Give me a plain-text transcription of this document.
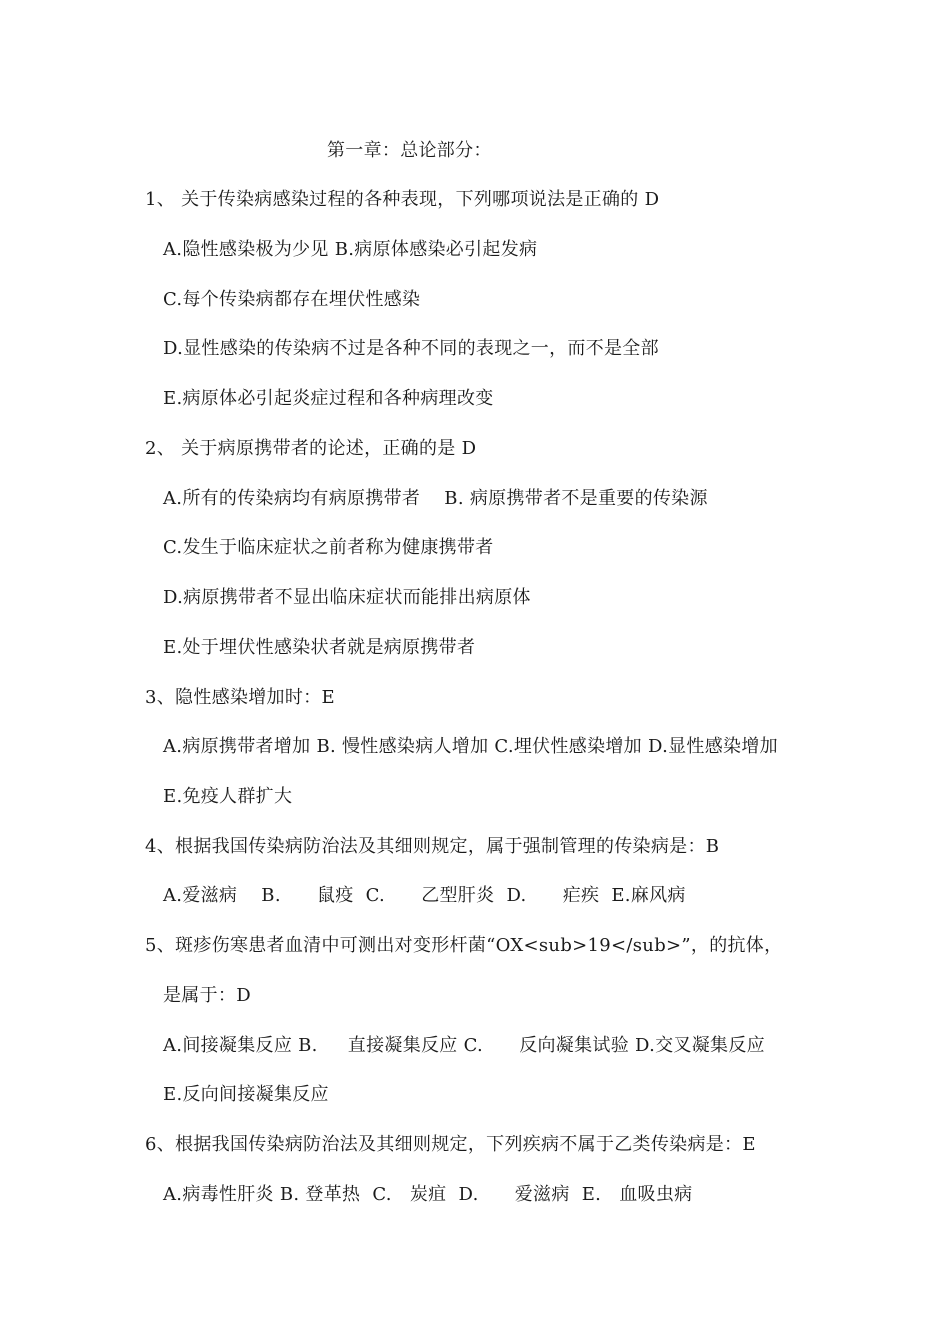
第一章：总论部分：
1、 关于传染病感染过程的各种表现，下列哪项说法是正确的 D
A.隐性感染极为少见 B.病原体感染必引起发病
C.每个传染病都存在埋伏性感染
D.显性感染的传染病不过是各种不同的表现之一，而不是全部
E.病原体必引起炎症过程和各种病理改变
2、 关于病原携带者的论述，正确的是 D
A.所有的传染病均有病原携带者    B. 病原携带者不是重要的传染源
C.发生于临床症状之前者称为健康携带者
D.病原携带者不显出临床症状而能排出病原体
E.处于埋伏性感染状者就是病原携带者
3、隐性感染增加时：E
A.病原携带者增加 B. 慢性感染病人增加 C.埋伏性感染增加 D.显性感染增加
E.免疫人群扩大
4、根据我国传染病防治法及其细则规定，属于强制管理的传染病是：B
A.爱滋病    B.      鼠疫  C.      乙型肝炎  D.      疟疾  E.麻风病
5、斑疹伤寒患者血清中可测出对变形杆菌“OX<sub>19</sub>”，的抗体，
是属于：D
A.间接凝集反应 B.     直接凝集反应 C.      反向凝集试验 D.交叉凝集反应
E.反向间接凝集反应
6、根据我国传染病防治法及其细则规定，下列疾病不属于乙类传染病是：E
A.病毒性肝炎 B. 登革热  C.   炭疽  D.      爱滋病  E.   血吸虫病
